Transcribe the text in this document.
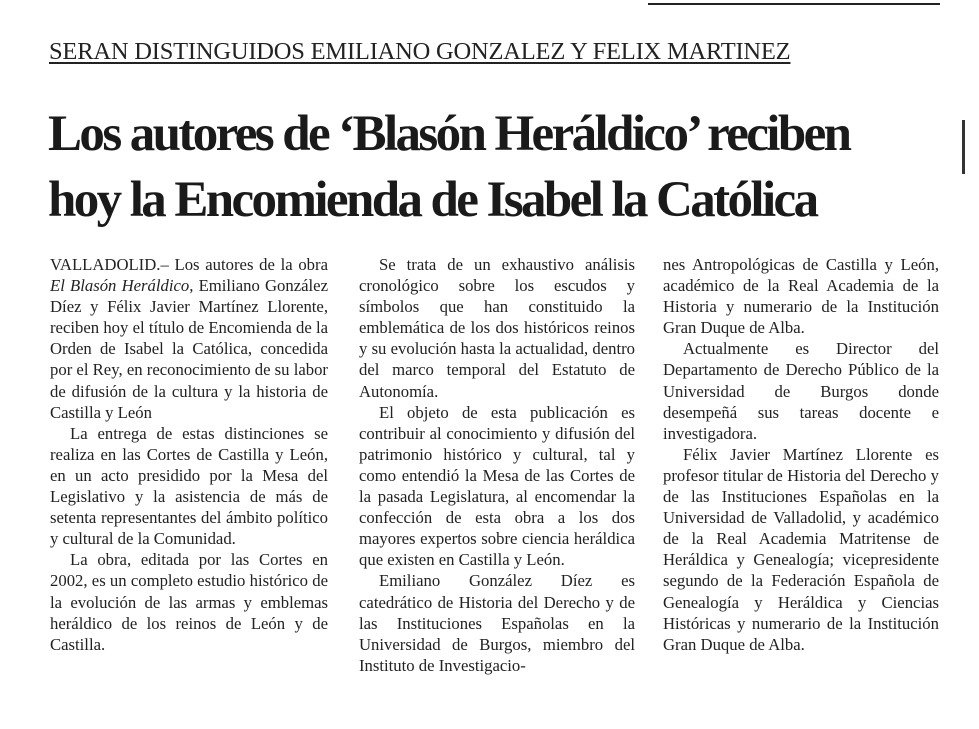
SERAN DISTINGUIDOS EMILIANO GONZALEZ Y FELIX MARTINEZ
Los autores de ‘Blasón Heráldico’ reciben
hoy la Encomienda de Isabel la Católica

VALLADOLID.– Los autores de la obra El Blasón Heráldico, Emiliano González Díez y Félix Javier Martínez Llorente, reciben hoy el título de Encomienda de la Orden de Isabel la Católica, concedida por el Rey, en reconocimiento de su labor de difusión de la cultura y la historia de Castilla y León

La entrega de estas distinciones se realiza en las Cortes de Castilla y León, en un acto presidido por la Mesa del Legislativo y la asistencia de más de setenta representantes del ámbito político y cultural de la Comunidad.

La obra, editada por las Cortes en 2002, es un completo estudio histórico de la evolución de las armas y emblemas heráldico de los reinos de León y de Castilla.

Se trata de un exhaustivo análisis cronológico sobre los escudos y símbolos que han constituido la emblemática de los dos históricos reinos y su evolución hasta la actualidad, dentro del marco temporal del Estatuto de Autonomía.

El objeto de esta publicación es contribuir al conocimiento y difusión del patrimonio histórico y cultural, tal y como entendió la Mesa de las Cortes de la pasada Legislatura, al encomendar la confección de esta obra a los dos mayores expertos sobre ciencia heráldica que existen en Castilla y León.

Emiliano González Díez es catedrático de Historia del Derecho y de las Instituciones Españolas en la Universidad de Burgos, miembro del Instituto de Investigacio-

nes Antropológicas de Castilla y León, académico de la Real Academia de la Historia y numerario de la Institución Gran Duque de Alba.

Actualmente es Director del Departamento de Derecho Público de la Universidad de Burgos donde desempeñá sus tareas docente e investigadora.

Félix Javier Martínez Llorente es profesor titular de Historia del Derecho y de las Instituciones Españolas en la Universidad de Valladolid, y académico de la Real Academia Matritense de Heráldica y Genealogía; vicepresidente segundo de la Federación Española de Genealogía y Heráldica y Ciencias Históricas y numerario de la Institución Gran Duque de Alba.
